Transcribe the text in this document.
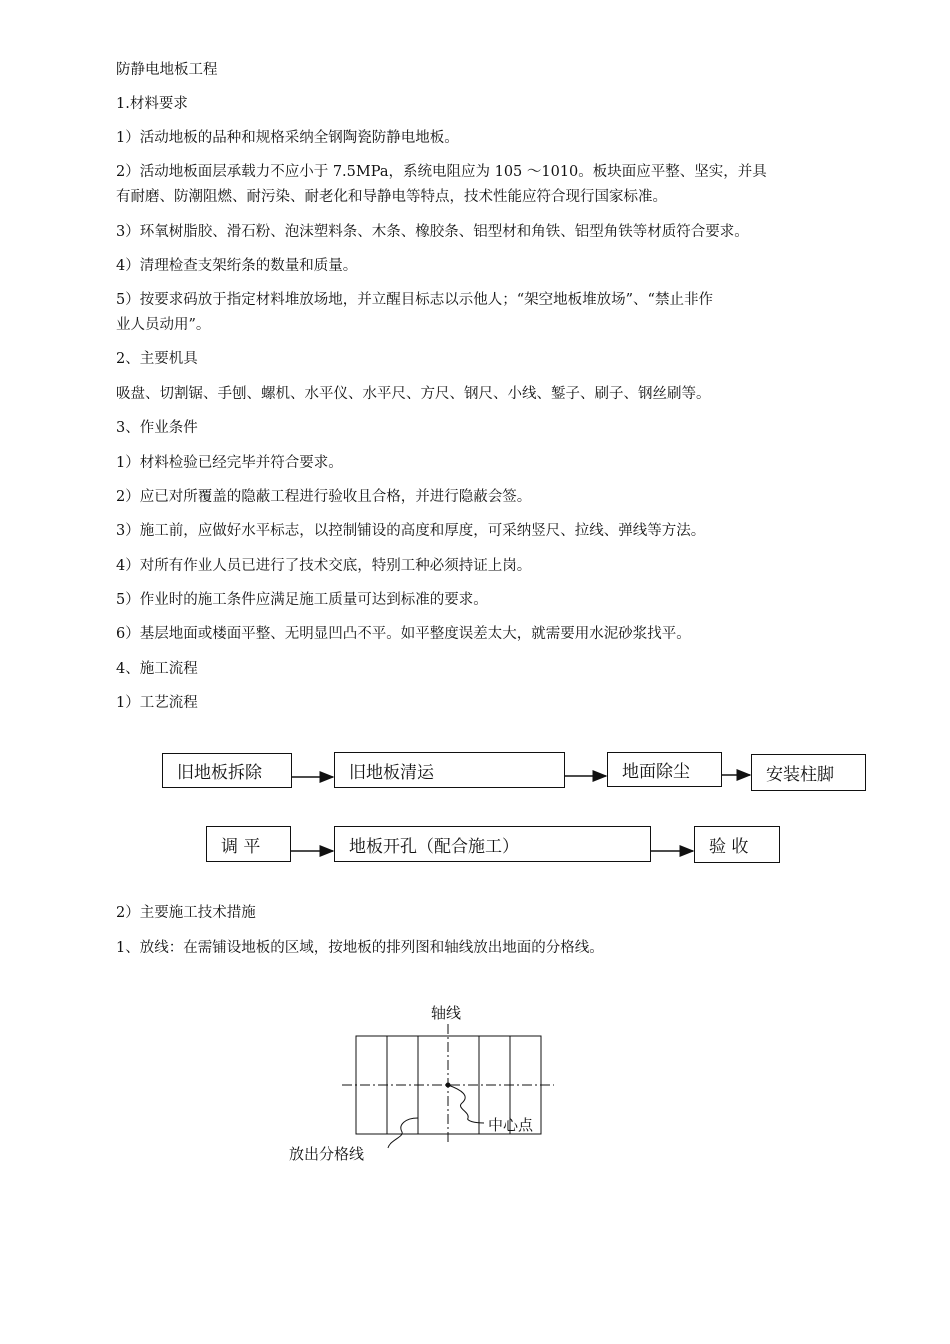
防静电地板工程
1.材料要求
1）活动地板的品种和规格采纳全钢陶瓷防静电地板。
2）活动地板面层承载力不应小于 7.5MPa，系统电阻应为 105 ～1010。板块面应平整、坚实，并具
有耐磨、防潮阻燃、耐污染、耐老化和导静电等特点，技术性能应符合现行国家标准。
3）环氧树脂胶、滑石粉、泡沫塑料条、木条、橡胶条、铝型材和角铁、铝型角铁等材质符合要求。
4）清理检查支架绗条的数量和质量。
5）按要求码放于指定材料堆放场地，并立醒目标志以示他人；“架空地板堆放场”、“禁止非作
业人员动用”。
2、主要机具
吸盘、切割锯、手刨、螺机、水平仪、水平尺、方尺、钢尺、小线、錾子、刷子、钢丝刷等。
3、作业条件
1）材料检验已经完毕并符合要求。
2）应已对所覆盖的隐蔽工程进行验收且合格，并进行隐蔽会签。
3）施工前，应做好水平标志，以控制铺设的高度和厚度，可采纳竖尺、拉线、弹线等方法。
4）对所有作业人员已进行了技术交底，特别工种必须持证上岗。
5）作业时的施工条件应满足施工质量可达到标准的要求。
6）基层地面或楼面平整、无明显凹凸不平。如平整度误差太大，就需要用水泥砂浆找平。
4、施工流程
1）工艺流程
2）主要施工技术措施
1、放线：在需铺设地板的区域，按地板的排列图和轴线放出地面的分格线。
旧地板拆除	旧地板清运	地面除尘	安装柱脚
调 平	地板开孔（配合施工）	验 收
轴线
中心点
放出分格线
